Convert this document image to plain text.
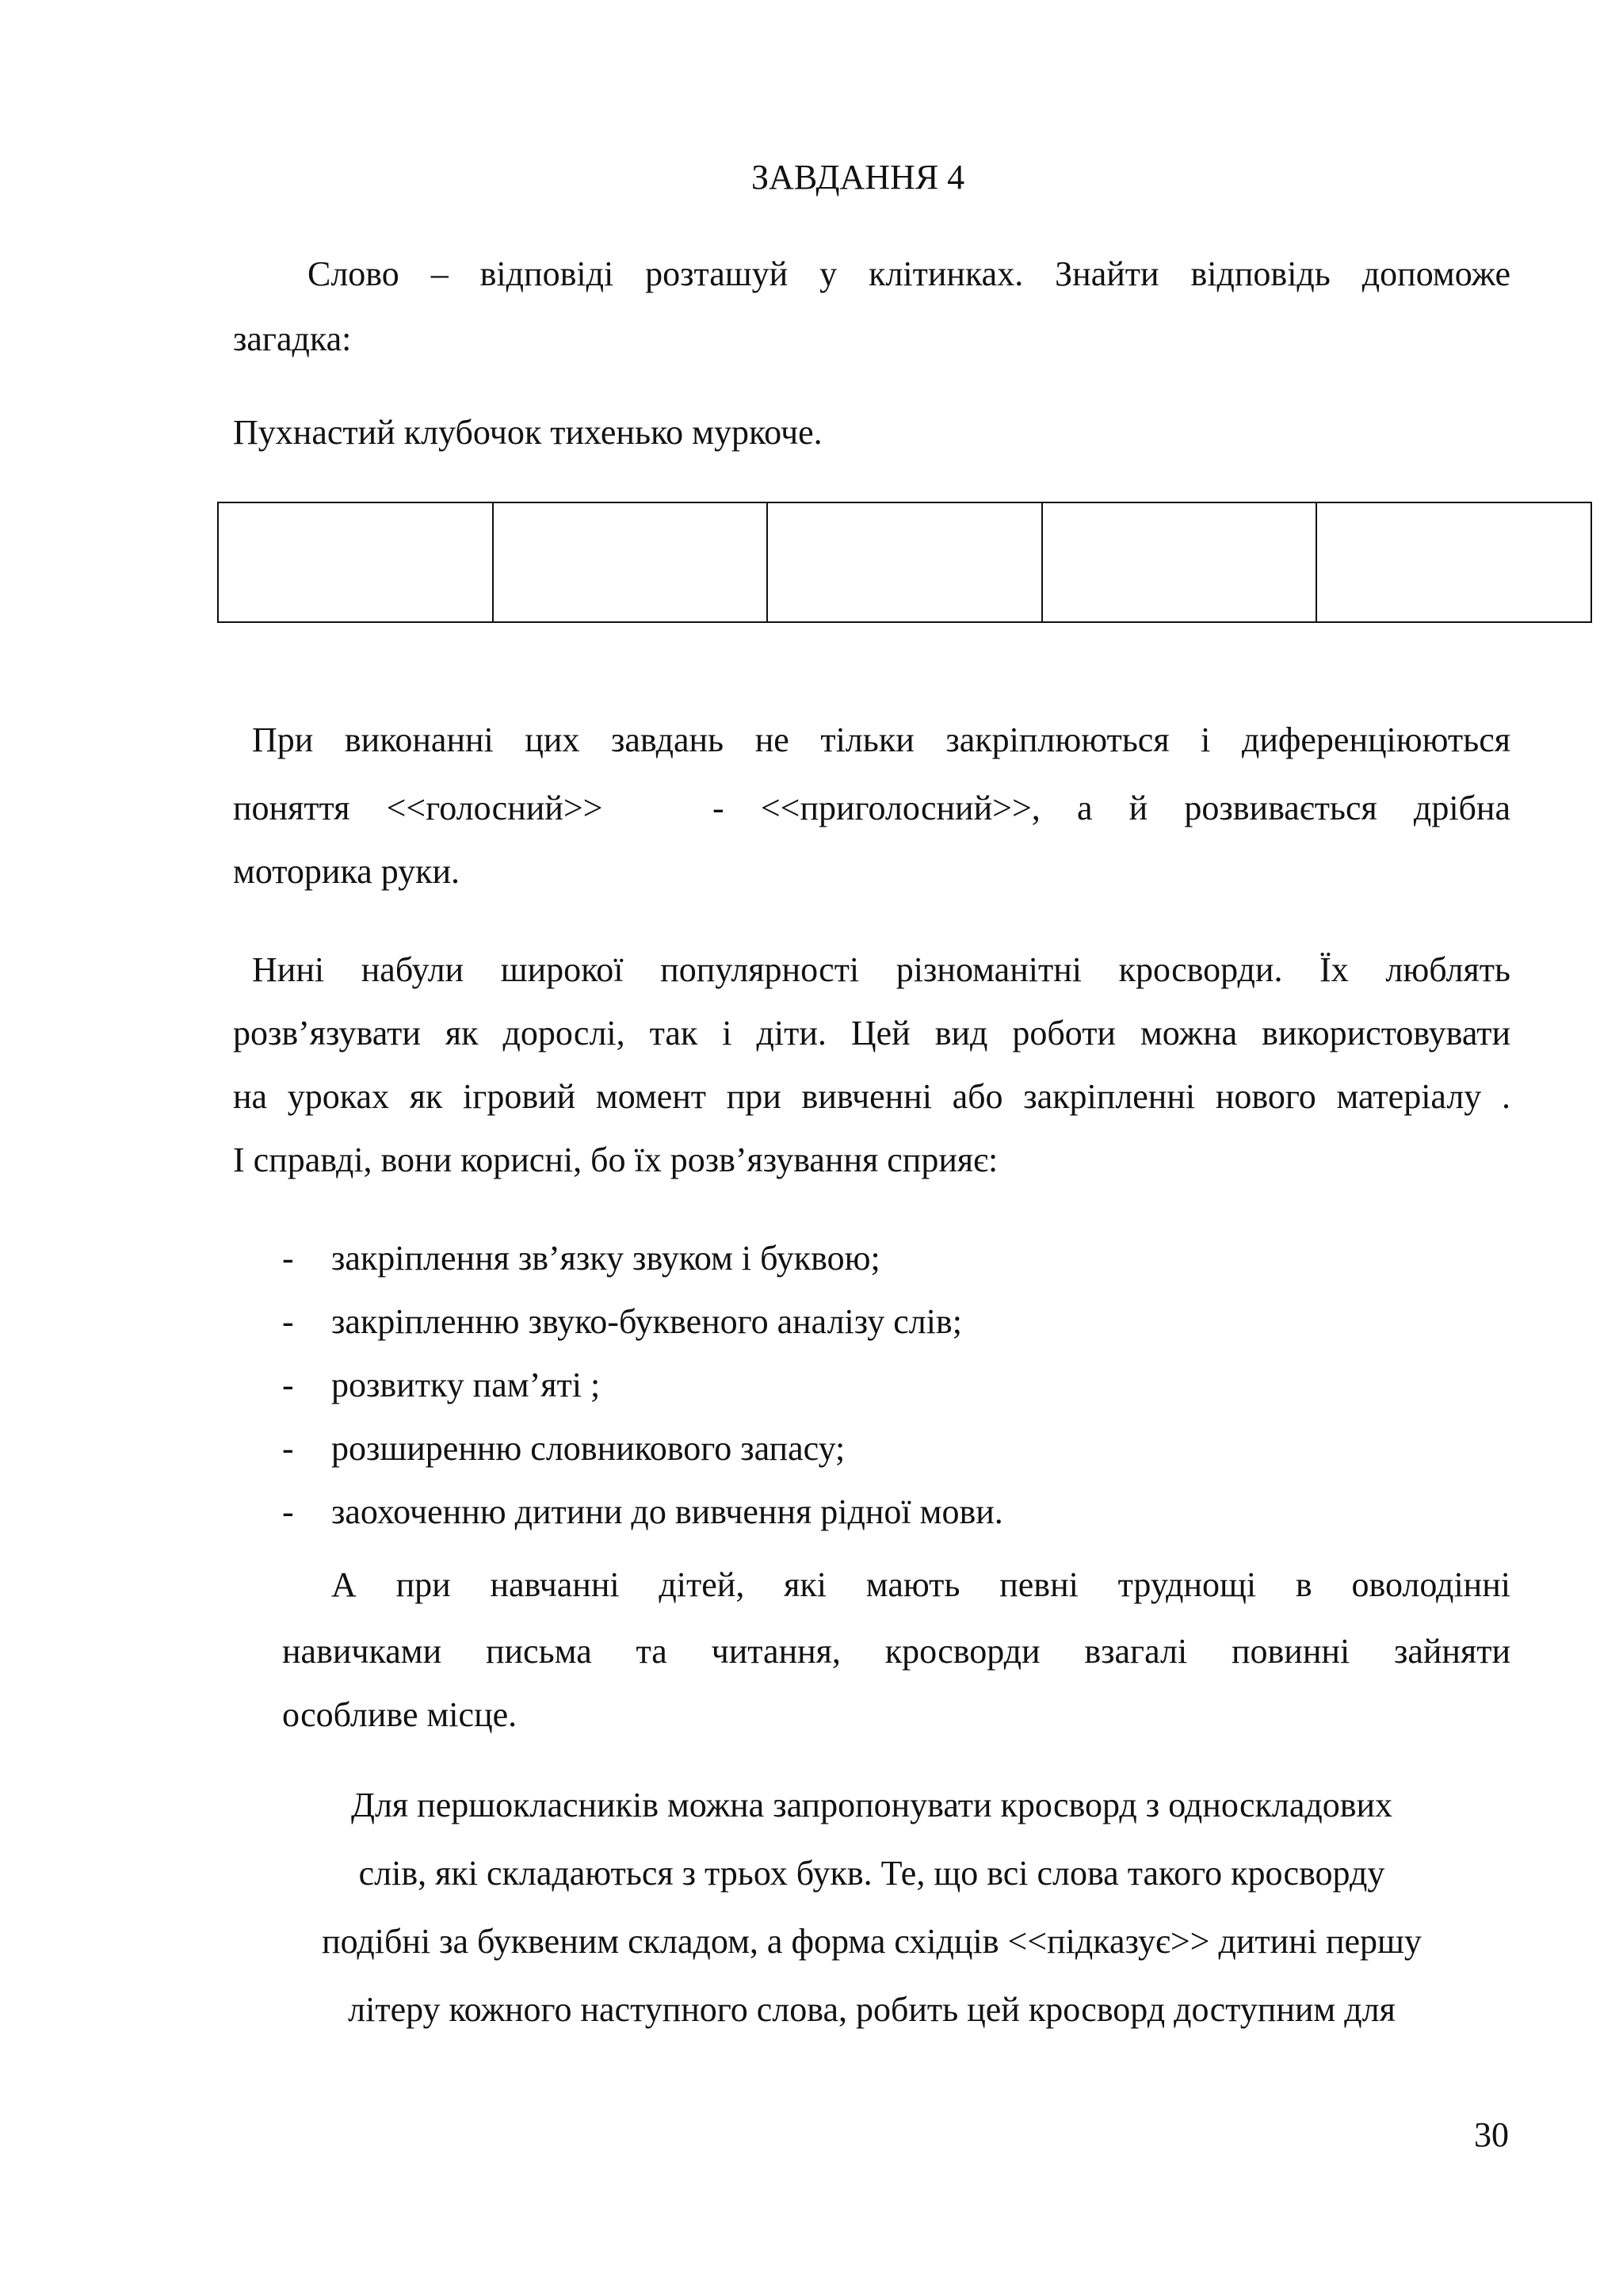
ЗАВДАННЯ 4
Слово – відповіді розташуй у клітинках. Знайти відповідь допоможе
загадка:
Пухнастий клубочок тихенько муркоче.
При виконанні цих завдань не тільки закріплюються і диференціюються
поняття <<голосний>>   - <<приголосний>>, а й розвивається дрібна
моторика руки.
Нині набули широкої популярності різноманітні кросворди. Їх люблять
розв’язувати як дорослі, так і діти. Цей вид роботи можна використовувати
на уроках як ігровий момент при вивченні або закріпленні нового матеріалу .
І справді, вони корисні, бо їх розв’язування сприяє:
- закріплення зв’язку звуком і буквою;
- закріпленню звуко-буквеного аналізу слів;
- розвитку пам’яті ;
- розширенню словникового запасу;
- заохоченню дитини до вивчення рідної мови.
А при навчанні дітей, які мають певні труднощі в оволодінні
навичками письма та читання, кросворди взагалі повинні зайняти
особливе місце.
Для першокласників можна запропонувати кросворд з односкладових
слів, які складаються з трьох букв. Те, що всі слова такого кросворду
подібні за буквеним складом, а форма східців <<підказує>> дитині першу
літеру кожного наступного слова, робить цей кросворд доступним для
30
